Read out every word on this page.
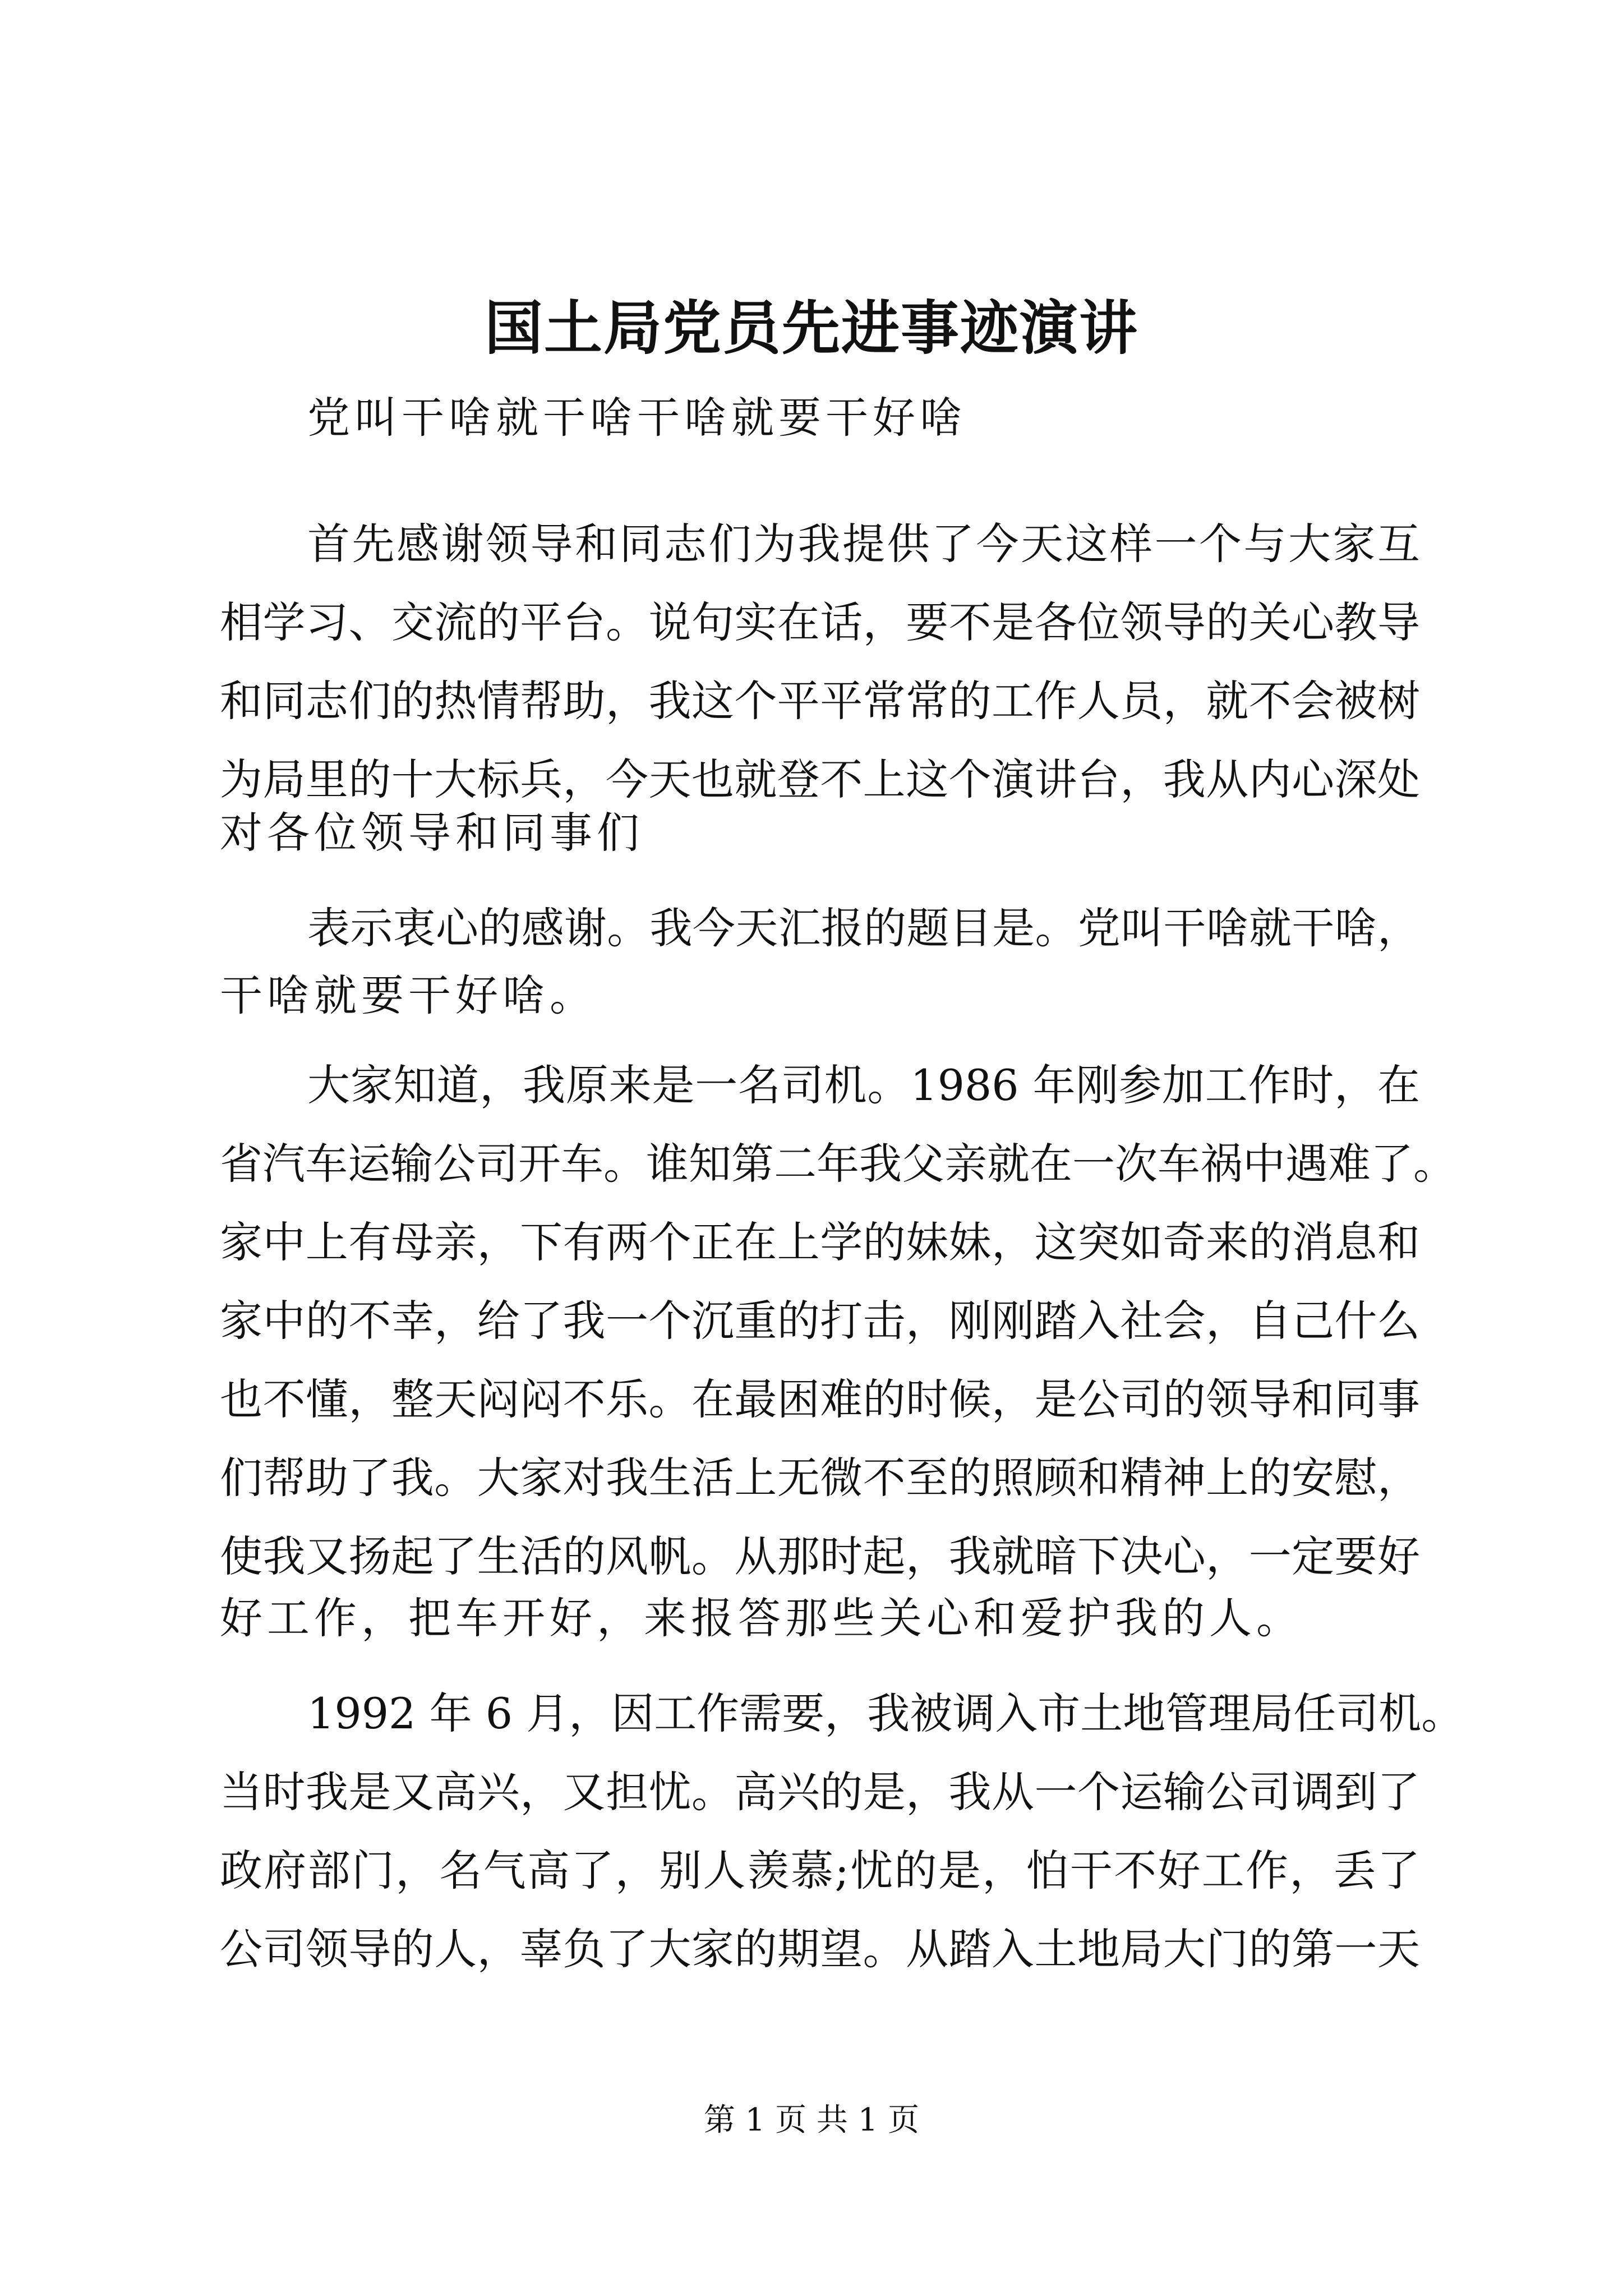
国土局党员先进事迹演讲
党叫干啥就干啥干啥就要干好啥
首先感谢领导和同志们为我提供了今天这样一个与大家互
相学习、交流的平台。说句实在话，要不是各位领导的关心教导
和同志们的热情帮助，我这个平平常常的工作人员，就不会被树
为局里的十大标兵，今天也就登不上这个演讲台，我从内心深处
对各位领导和同事们
表示衷心的感谢。我今天汇报的题目是。党叫干啥就干啥，
干啥就要干好啥。
大家知道，我原来是一名司机。1986 年刚参加工作时，在
省汽车运输公司开车。谁知第二年我父亲就在一次车祸中遇难了。
家中上有母亲，下有两个正在上学的妹妹，这突如奇来的消息和
家中的不幸，给了我一个沉重的打击，刚刚踏入社会，自己什么
也不懂，整天闷闷不乐。在最困难的时候，是公司的领导和同事
们帮助了我。大家对我生活上无微不至的照顾和精神上的安慰，
使我又扬起了生活的风帆。从那时起，我就暗下决心，一定要好
好工作，把车开好，来报答那些关心和爱护我的人。
1992 年 6 月，因工作需要，我被调入市土地管理局任司机。
当时我是又高兴，又担忧。高兴的是，我从一个运输公司调到了
政府部门，名气高了，别人羡慕;忧的是，怕干不好工作，丢了
公司领导的人，辜负了大家的期望。从踏入土地局大门的第一天
第 1 页 共 1 页
